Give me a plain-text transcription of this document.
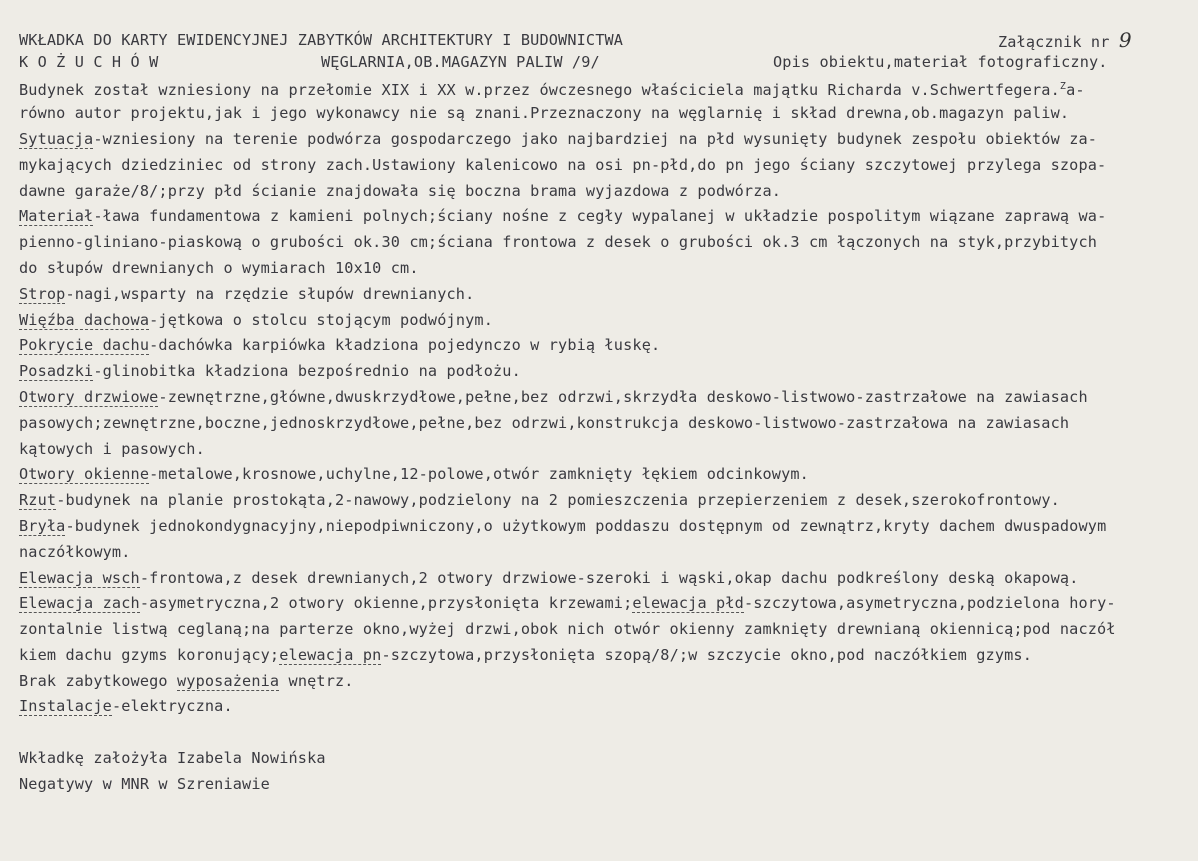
WKŁADKA DO KARTY EWIDENCYJNEJ ZABYTKÓW ARCHITEKTURY I BUDOWNICTWA	Załącznik nr 9
K O Ż U C H Ó W	WĘGLARNIA,OB.MAGAZYN PALIW /9/	Opis obiektu,materiał fotograficzny.
Budynek został wzniesiony na przełomie XIX i XX w.przez ówczesnego właściciela majątku Richarda v.Schwertfegera.$^Z$a-
równo autor projektu,jak i jego wykonawcy nie są znani.Przeznaczony na węglarnię i skład drewna,ob.magazyn paliw.
Sytuacja-wzniesiony na terenie podwórza gospodarczego jako najbardziej na płd wysunięty budynek zespołu obiektów za-
mykających dziedziniec od strony zach.Ustawiony kalenicowo na osi pn-płd,do pn jego ściany szczytowej przylega szopa-
dawne garaże/8/;przy płd ścianie znajdowała się boczna brama wyjazdowa z podwórza.
Materiał-ława fundamentowa z kamieni polnych;ściany nośne z cegły wypalanej w układzie pospolitym wiązane zaprawą wa-
pienno-gliniano-piaskową o grubości ok.30 cm;ściana frontowa z desek o grubości ok.3 cm łączonych na styk,przybitych
do słupów drewnianych o wymiarach 10x10 cm.
Strop-nagi,wsparty na rzędzie słupów drewnianych.
Więźba dachowa-jętkowa o stolcu stojącym podwójnym.
Pokrycie dachu-dachówka karpiówka kładziona pojedynczo w rybią łuskę.
Posadzki-glinobitka kładziona bezpośrednio na podłożu.
Otwory drzwiowe-zewnętrzne,główne,dwuskrzydłowe,pełne,bez odrzwi,skrzydła deskowo-listwowo-zastrzałowe na zawiasach
pasowych;zewnętrzne,boczne,jednoskrzydłowe,pełne,bez odrzwi,konstrukcja deskowo-listwowo-zastrzałowa na zawiasach
kątowych i pasowych.
Otwory okienne-metalowe,krosnowe,uchylne,12-polowe,otwór zamknięty łękiem odcinkowym.
Rzut-budynek na planie prostokąta,2-nawowy,podzielony na 2 pomieszczenia przepierzeniem z desek,szerokofrontowy.
Bryła-budynek jednokondygnacyjny,niepodpiwniczony,o użytkowym poddaszu dostępnym od zewnątrz,kryty dachem dwuspadowym
naczółkowym.
Elewacja wsch-frontowa,z desek drewnianych,2 otwory drzwiowe-szeroki i wąski,okap dachu podkreślony deską okapową.
Elewacja zach-asymetryczna,2 otwory okienne,przysłonięta krzewami;elewacja płd-szczytowa,asymetryczna,podzielona hory-
zontalnie listwą ceglaną;na parterze okno,wyżej drzwi,obok nich otwór okienny zamknięty drewnianą okiennicą;pod naczół
kiem dachu gzyms koronujący;elewacja pn-szczytowa,przysłonięta szopą/8/;w szczycie okno,pod naczółkiem gzyms.
Brak zabytkowego wyposażenia wnętrz.
Instalacje-elektryczna.
Wkładkę założyła Izabela Nowińska
Negatywy w MNR w Szreniawie
